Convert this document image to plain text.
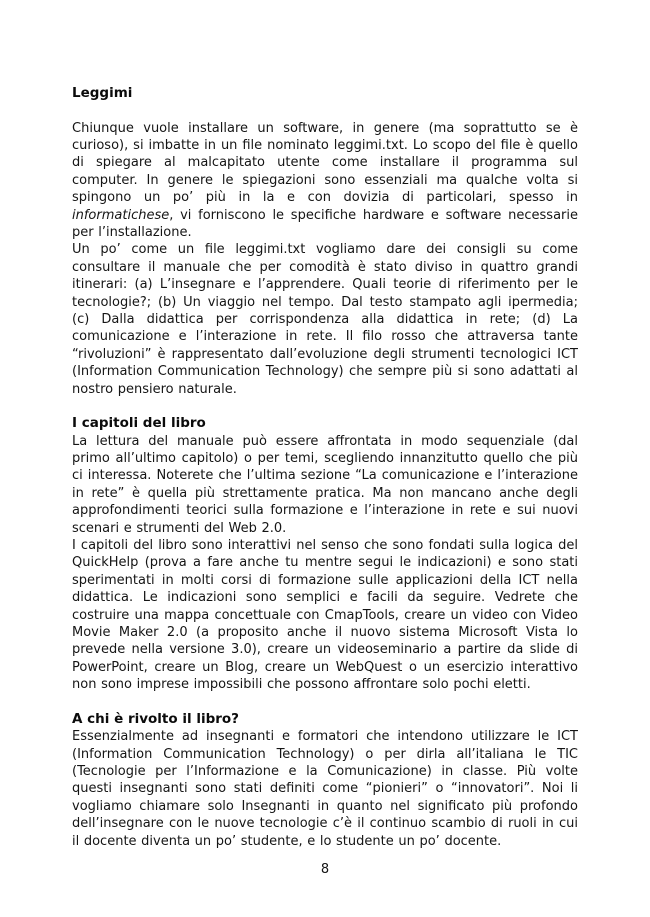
Leggimi

Chiunque vuole installare un software, in genere (ma soprattutto se è curioso), si imbatte in un file nominato leggimi.txt. Lo scopo del file è quello di spiegare al malcapitato utente come installare il programma sul computer. In genere le spiegazioni sono essenziali ma qualche volta si spingono un po’ più in la e con dovizia di particolari, spesso in informatichese, vi forniscono le specifiche hardware e software necessarie per l’installazione.

Un po’ come un file leggimi.txt vogliamo dare dei consigli su come consultare il manuale che per comodità è stato diviso in quattro grandi itinerari: (a) L’insegnare e l’apprendere. Quali teorie di riferimento per le tecnologie?; (b) Un viaggio nel tempo. Dal testo stampato agli ipermedia; (c) Dalla didattica per corrispondenza alla didattica in rete; (d) La comunicazione e l’interazione in rete. Il filo rosso che attraversa tante “rivoluzioni” è rappresentato dall’evoluzione degli strumenti tecnologici ICT (Information Communication Technology) che sempre più si sono adattati al nostro pensiero naturale.

I capitoli del libro

La lettura del manuale può essere affrontata in modo sequenziale (dal primo all’ultimo capitolo) o per temi, scegliendo innanzitutto quello che più ci interessa. Noterete che l’ultima sezione “La comunicazione e l’interazione in rete” è quella più strettamente pratica. Ma non mancano anche degli approfondimenti teorici sulla formazione e l’interazione in rete e sui nuovi scenari e strumenti del Web 2.0.

I capitoli del libro sono interattivi nel senso che sono fondati sulla logica del QuickHelp (prova a fare anche tu mentre segui le indicazioni) e sono stati sperimentati in molti corsi di formazione sulle applicazioni della ICT nella didattica. Le indicazioni sono semplici e facili da seguire. Vedrete che costruire una mappa concettuale con CmapTools, creare un video con Video Movie Maker 2.0 (a proposito anche il nuovo sistema Microsoft Vista lo prevede nella versione 3.0), creare un videoseminario a partire da slide di PowerPoint, creare un Blog, creare un WebQuest o un esercizio interattivo non sono imprese impossibili che possono affrontare solo pochi eletti.

A chi è rivolto il libro?

Essenzialmente ad insegnanti e formatori che intendono utilizzare le ICT (Information Communication Technology) o per dirla all’italiana le TIC (Tecnologie per l’Informazione e la Comunicazione) in classe. Più volte questi insegnanti sono stati definiti come “pionieri” o “innovatori”. Noi li vogliamo chiamare solo Insegnanti in quanto nel significato più profondo dell’insegnare con le nuove tecnologie c’è il continuo scambio di ruoli in cui il docente diventa un po’ studente, e lo studente un po’ docente.

8
